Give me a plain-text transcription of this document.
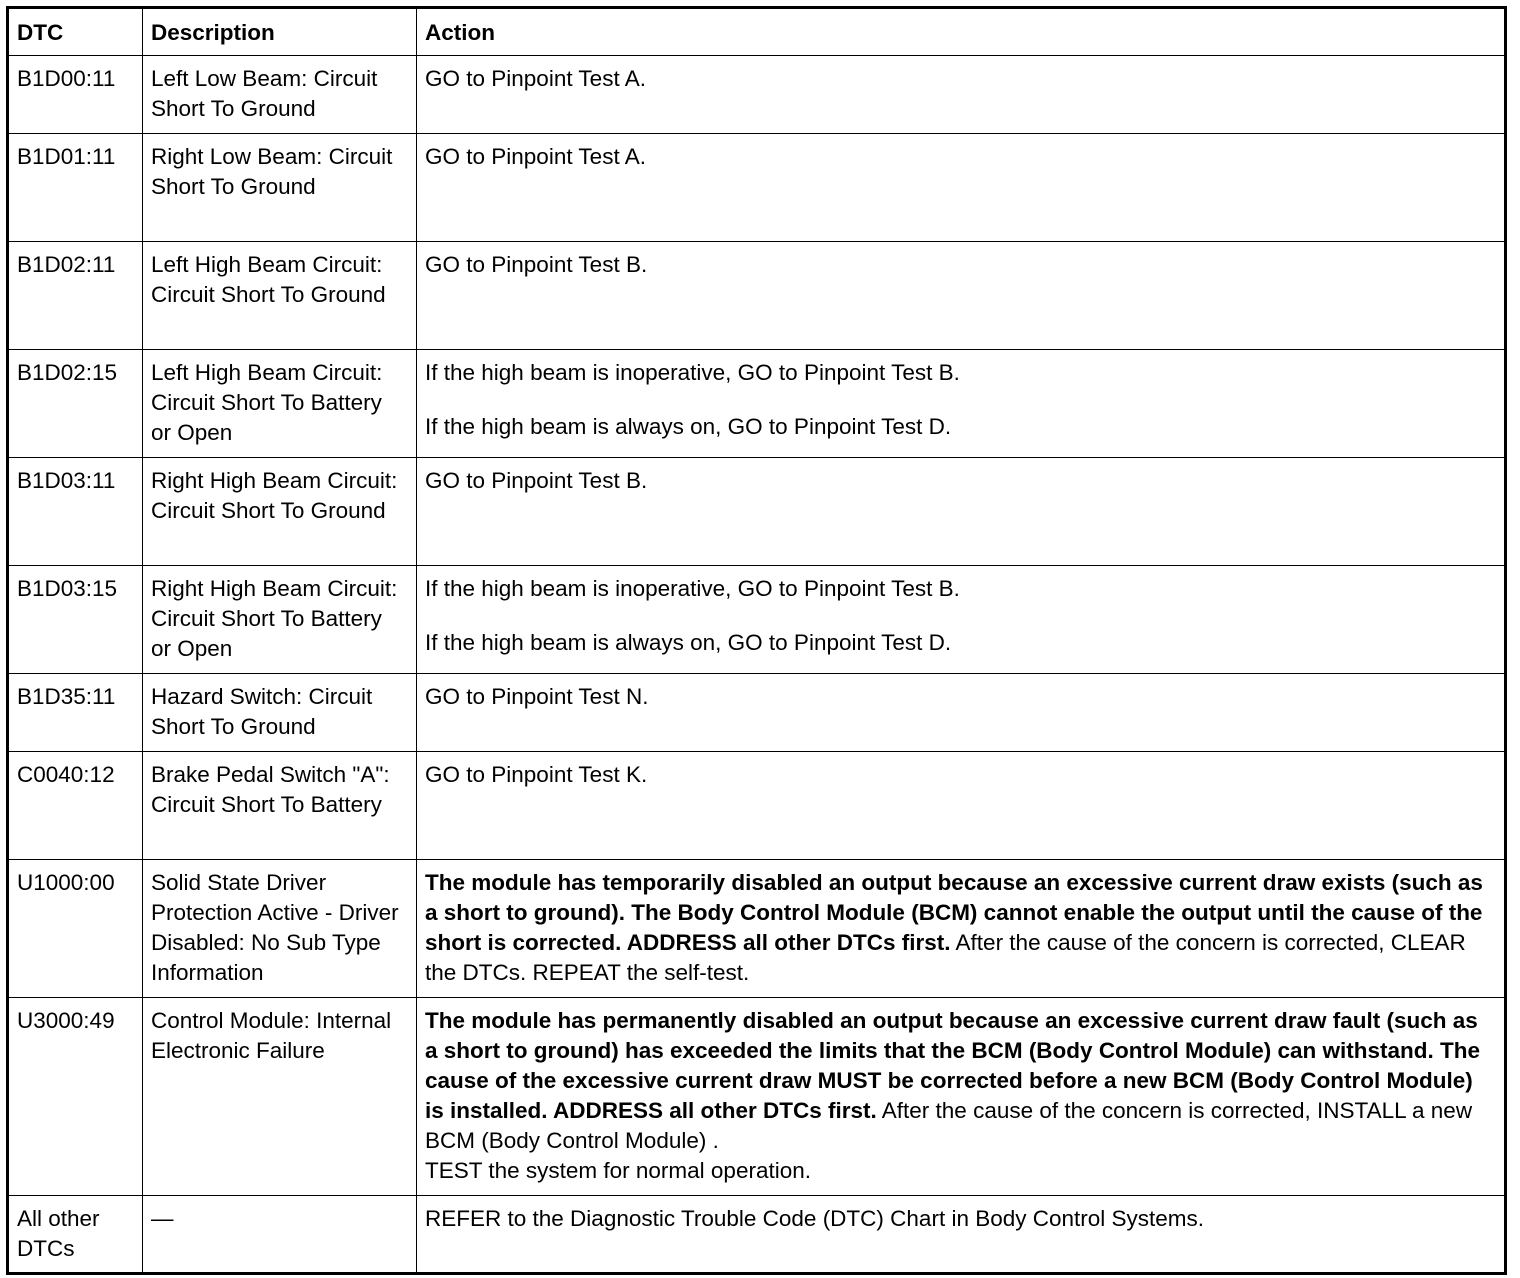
DTC	Description	Action
B1D00:11	Left Low Beam: Circuit Short To Ground	GO to Pinpoint Test A.

B1D01:11	Right Low Beam: Circuit Short To Ground	GO to Pinpoint Test A.

B1D02:11	Left High Beam Circuit: Circuit Short To Ground	GO to Pinpoint Test B.

B1D02:15	Left High Beam Circuit: Circuit Short To Battery or Open	If the high beam is inoperative, GO to Pinpoint Test B.

If the high beam is always on, GO to Pinpoint Test D.

B1D03:11	Right High Beam Circuit: Circuit Short To Ground	GO to Pinpoint Test B.

B1D03:15	Right High Beam Circuit: Circuit Short To Battery or Open	If the high beam is inoperative, GO to Pinpoint Test B.

If the high beam is always on, GO to Pinpoint Test D.

B1D35:11	Hazard Switch: Circuit Short To Ground	GO to Pinpoint Test N.

C0040:12	Brake Pedal Switch "A": Circuit Short To Battery	GO to Pinpoint Test K.

U1000:00	Solid State Driver Protection Active - Driver Disabled: No Sub Type Information	The module has temporarily disabled an output because an excessive current draw exists (such as a short to ground). The Body Control Module (BCM) cannot enable the output until the cause of the short is corrected. ADDRESS all other DTCs first. After the cause of the concern is corrected, CLEAR the DTCs. REPEAT the self-test.

U3000:49	Control Module: Internal Electronic Failure	The module has permanently disabled an output because an excessive current draw fault (such as a short to ground) has exceeded the limits that the BCM (Body Control Module) can withstand. The cause of the excessive current draw MUST be corrected before a new BCM (Body Control Module) is installed. ADDRESS all other DTCs first. After the cause of the concern is corrected, INSTALL a new BCM (Body Control Module) .

TEST the system for normal operation.

All other DTCs	—	REFER to the Diagnostic Trouble Code (DTC) Chart in Body Control Systems.
